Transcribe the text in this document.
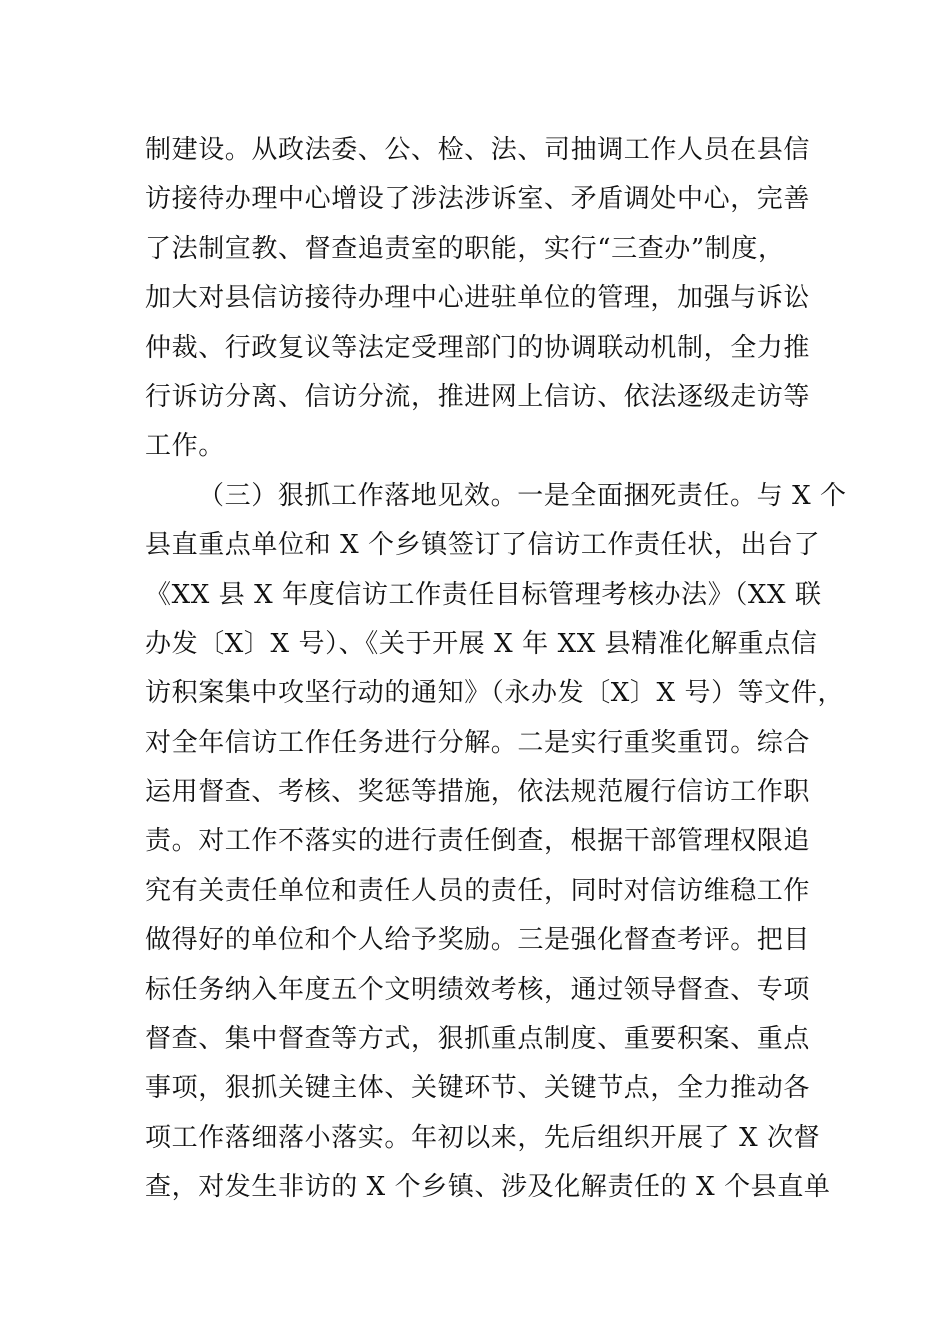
制建设。从政法委、公、检、法、司抽调工作人员在县信
访接待办理中心增设了涉法涉诉室、矛盾调处中心，完善
了法制宣教、督查追责室的职能，实行“三查办”制度，
加大对县信访接待办理中心进驻单位的管理，加强与诉讼
仲裁、行政复议等法定受理部门的协调联动机制，全力推
行诉访分离、信访分流，推进网上信访、依法逐级走访等
工作。
（三）狠抓工作落地见效。一是全面捆死责任。与 X 个
县直重点单位和 X 个乡镇签订了信访工作责任状，出台了
《XX 县 X 年度信访工作责任目标管理考核办法》（XX 联
办发〔X〕X 号）、《关于开展 X 年 XX 县精准化解重点信
访积案集中攻坚行动的通知》（永办发〔X〕X 号）等文件，
对全年信访工作任务进行分解。二是实行重奖重罚。综合
运用督查、考核、奖惩等措施，依法规范履行信访工作职
责。对工作不落实的进行责任倒查，根据干部管理权限追
究有关责任单位和责任人员的责任，同时对信访维稳工作
做得好的单位和个人给予奖励。三是强化督查考评。把目
标任务纳入年度五个文明绩效考核，通过领导督查、专项
督查、集中督查等方式，狠抓重点制度、重要积案、重点
事项，狠抓关键主体、关键环节、关键节点，全力推动各
项工作落细落小落实。年初以来，先后组织开展了 X 次督
查，对发生非访的 X 个乡镇、涉及化解责任的 X 个县直单
